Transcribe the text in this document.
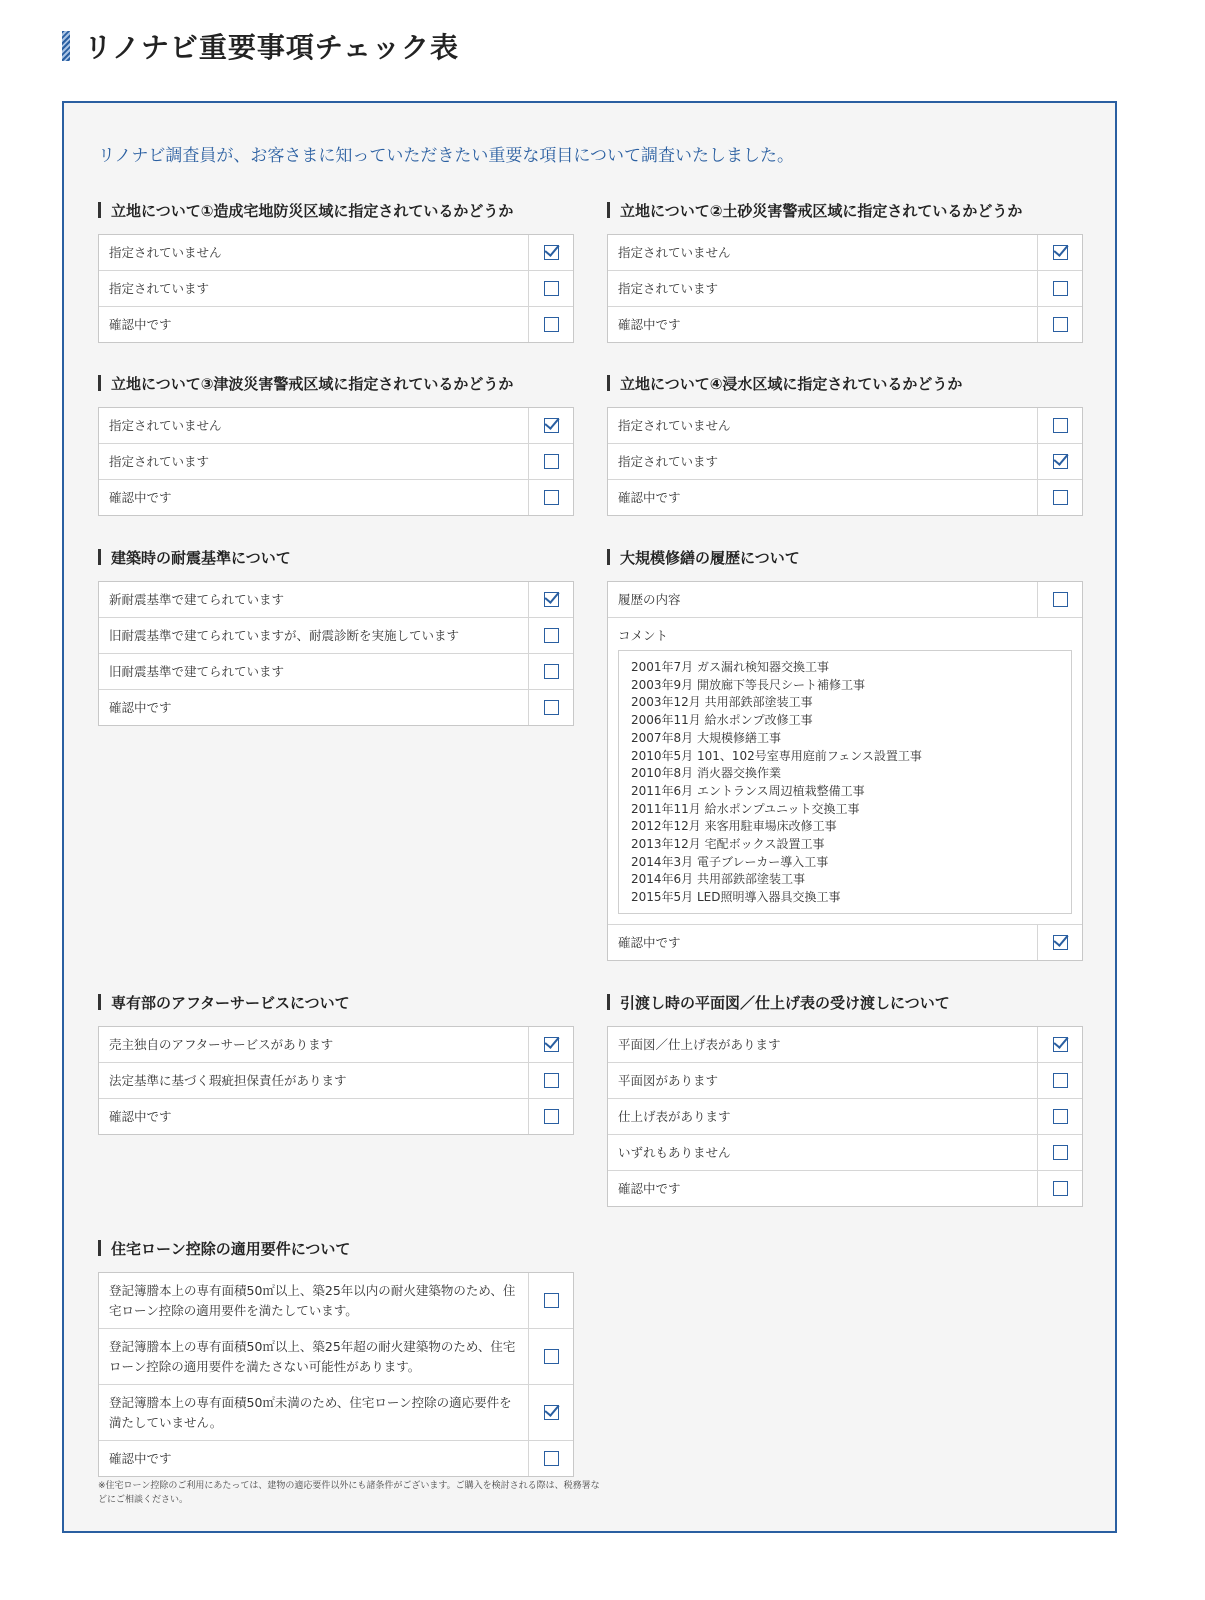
リノナビ重要事項チェック表
リノナビ調査員が、お客さまに知っていただきたい重要な項目について調査いたしました。
立地について①造成宅地防災区域に指定されているかどうか
指定されていません
指定されています
確認中です
立地について②土砂災害警戒区域に指定されているかどうか
指定されていません
指定されています
確認中です
立地について③津波災害警戒区域に指定されているかどうか
指定されていません
指定されています
確認中です
立地について④浸水区域に指定されているかどうか
指定されていません
指定されています
確認中です
建築時の耐震基準について
新耐震基準で建てられています
旧耐震基準で建てられていますが、耐震診断を実施しています
旧耐震基準で建てられています
確認中です
大規模修繕の履歴について
履歴の内容
コメント
2001年7月 ガス漏れ検知器交換工事
2003年9月 開放廊下等長尺シート補修工事
2003年12月 共用部鉄部塗装工事
2006年11月 給水ポンプ改修工事
2007年8月 大規模修繕工事
2010年5月 101、102号室専用庭前フェンス設置工事
2010年8月 消火器交換作業
2011年6月 エントランス周辺植栽整備工事
2011年11月 給水ポンプユニット交換工事
2012年12月 来客用駐車場床改修工事
2013年12月 宅配ボックス設置工事
2014年3月 電子ブレーカー導入工事
2014年6月 共用部鉄部塗装工事
2015年5月 LED照明導入器具交換工事
確認中です
専有部のアフターサービスについて
売主独自のアフターサービスがあります
法定基準に基づく瑕疵担保責任があります
確認中です
引渡し時の平面図／仕上げ表の受け渡しについて
平面図／仕上げ表があります
平面図があります
仕上げ表があります
いずれもありません
確認中です
住宅ローン控除の適用要件について
登記簿謄本上の専有面積50㎡以上、築25年以内の耐火建築物のため、住宅ローン控除の適用要件を満たしています。
登記簿謄本上の専有面積50㎡以上、築25年超の耐火建築物のため、住宅ローン控除の適用要件を満たさない可能性があります。
登記簿謄本上の専有面積50㎡未満のため、住宅ローン控除の適応要件を満たしていません。
確認中です
※住宅ローン控除のご利用にあたっては、建物の適応要件以外にも諸条件がございます。ご購入を検討される際は、税務署などにご相談ください。
